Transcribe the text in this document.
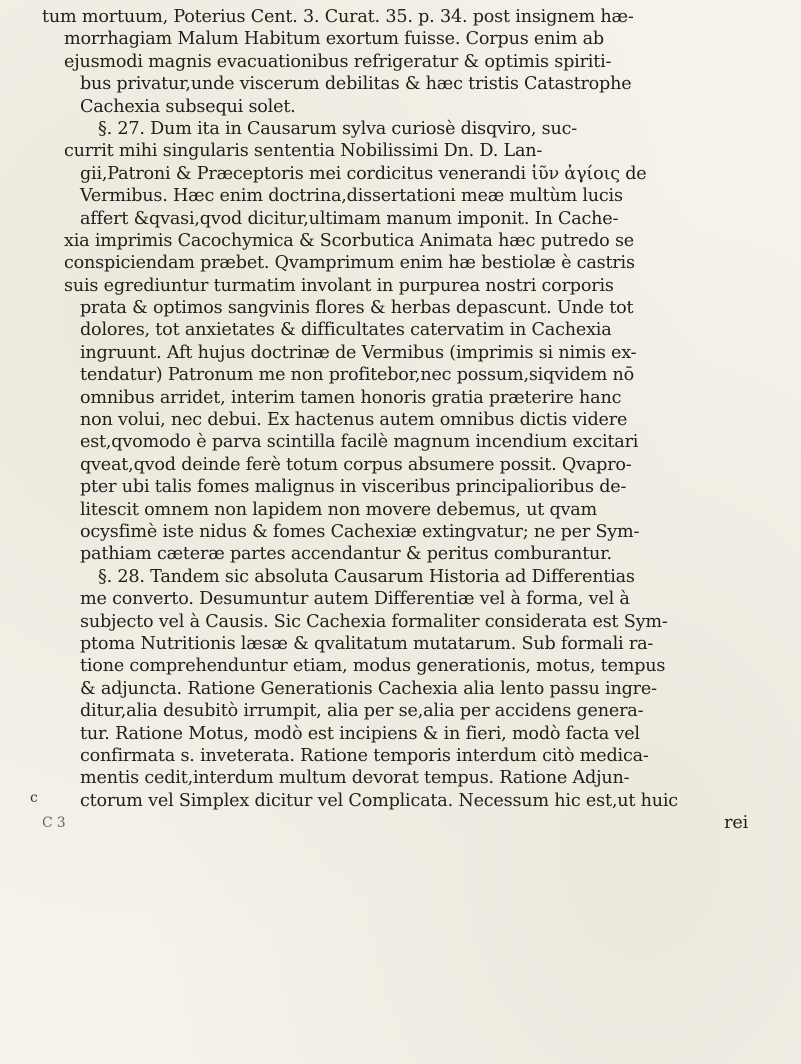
tum mortuum, Poterius Cent. 3. Curat. 35. p. 34. post insignem hæ-
morrhagiam Malum Habitum exortum fuisse. Corpus enim ab
ejusmodi magnis evacuationibus refrigeratur & optimis spiriti-
bus privatur,unde viscerum debilitas & hæc tristis Catastrophe
Cachexia subsequi solet.
§. 27. Dum ita in Causarum sylva curiosè disqviro, suc-
currit mihi singularis sententia Nobilissimi Dn. D. Lan-
gii,Patroni & Præceptoris mei cordicitus venerandi ἱῦν ἀγίοις de
Vermibus. Hæc enim doctrina,dissertationi meæ multùm lucis
affert &qvasi,qvod dicitur,ultimam manum imponit. In Cache-
xia imprimis Cacochymica & Scorbutica Animata hæc putredo se
conspiciendam præbet. Qvamprimum enim hæ bestiolæ è castris
suis egrediuntur turmatim involant in purpurea nostri corporis
prata & optimos sangvinis flores & herbas depascunt. Unde tot
dolores, tot anxietates & difficultates catervatim in Cachexia
ingruunt. Aft hujus doctrinæ de Vermibus (imprimis si nimis ex-
tendatur) Patronum me non profitebor,nec possum,siqvidem nō
omnibus arridet, interim tamen honoris gratia præterire hanc
non volui, nec debui. Ex hactenus autem omnibus dictis videre
est,qvomodo è parva scintilla facilè magnum incendium excitari
qveat,qvod deinde ferè totum corpus absumere possit. Qvapro-
pter ubi talis fomes malignus in visceribus principalioribus de-
litescit omnem non lapidem non movere debemus, ut qvam
ocysfimè iste nidus & fomes Cachexiæ extingvatur; ne per Sym-
pathiam cæteræ partes accendantur & peritus comburantur.
§. 28. Tandem sic absoluta Causarum Historia ad Differentias
me converto. Desumuntur autem Differentiæ vel à forma, vel à
subjecto vel à Causis. Sic Cachexia formaliter considerata est Sym-
ptoma Nutritionis læsæ & qvalitatum mutatarum. Sub formali ra-
tione comprehenduntur etiam, modus generationis, motus, tempus
& adjuncta. Ratione Generationis Cachexia alia lento passu ingre-
ditur,alia desubitò irrumpit, alia per se,alia per accidens genera-
tur. Ratione Motus, modò est incipiens & in fieri, modò facta vel
confirmata s. inveterata. Ratione temporis interdum citò medica-
mentis cedit,interdum multum devorat tempus. Ratione Adjun-
ctorum vel Simplex dicitur vel Complicata. Necessum hic est,ut huic
C 3	rei
c
